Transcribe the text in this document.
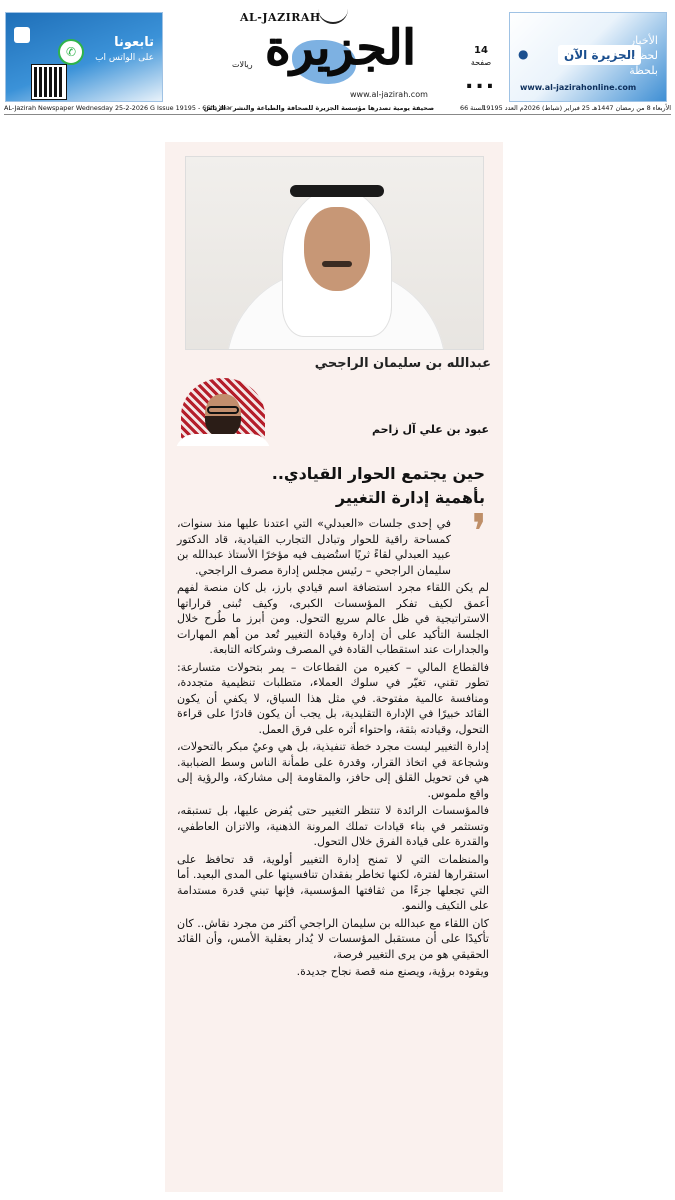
✆
تابعونا
على الواتس اب
AL-JAZIRAH
الجزيرة
www.al-jazirah.com
ريالات
14
صفحة
...
●	الجزيرة الآن
الأخبار
لحظة
بلحظة
www.al-jazirahonline.com
AL-Jazirah Newspaper Wednesday 25-2-2026 G Issue 19195 - 66th Year
صحيفة يومية تصدرها مؤسسة الجزيرة للصحافة والطباعة والنشر - الرياض	السنة 66
الأربعاء 8 من رمضان 1447هـ 25 فبراير (شباط) 2026م العدد 19195
عبدالله بن سليمان الراجحي
عبود بن علي آل زاحم
حين يجتمع الحوار القيادي..
بأهمية إدارة التغيير
❜

في إحدى جلسات «العبدلي» التي اعتدنا عليها منذ سنوات، كمساحة راقية للحوار وتبادل التجارب القيادية، قاد الدكتور عبيد العبدلي لقاءً ثريًا استُضيف فيه مؤخرًا الأستاذ عبدالله بن سليمان الراجحي – رئيس مجلس إدارة مصرف الراجحي.

لم يكن اللقاء مجرد استضافة اسم قيادي بارز، بل كان منصة لفهم أعمق لكيف تفكر المؤسسات الكبرى، وكيف تُبنى قراراتها الاستراتيجية في ظل عالم سريع التحول. ومن أبرز ما طُرح خلال الجلسة التأكيد على أن إدارة وقيادة التغيير تُعد من أهم المهارات والجدارات عند استقطاب القادة في المصرف وشركاته التابعة.

فالقطاع المالي – كغيره من القطاعات – يمر بتحولات متسارعة: تطور تقني، تغيّر في سلوك العملاء، متطلبات تنظيمية متجددة، ومنافسة عالمية مفتوحة. في مثل هذا السياق، لا يكفي أن يكون القائد خبيرًا في الإدارة التقليدية، بل يجب أن يكون قادرًا على قراءة التحول، وقيادته بثقة، واحتواء أثره على فرق العمل.

إدارة التغيير ليست مجرد خطة تنفيذية، بل هي وعيٌ مبكر بالتحولات، وشجاعة في اتخاذ القرار، وقدرة على طمأنة الناس وسط الضبابية. هي فن تحويل القلق إلى حافز، والمقاومة إلى مشاركة، والرؤية إلى واقع ملموس.

فالمؤسسات الرائدة لا تنتظر التغيير حتى يُفرض عليها، بل تستبقه، وتستثمر في بناء قيادات تملك المرونة الذهنية، والاتزان العاطفي، والقدرة على قيادة الفرق خلال التحول.

والمنظمات التي لا تمنح إدارة التغيير أولوية، قد تحافظ على استقرارها لفترة، لكنها تخاطر بفقدان تنافسيتها على المدى البعيد. أما التي تجعلها جزءًا من ثقافتها المؤسسية، فإنها تبني قدرة مستدامة على التكيف والنمو.

كان اللقاء مع عبدالله بن سليمان الراجحي أكثر من مجرد نقاش.. كان تأكيدًا على أن مستقبل المؤسسات لا يُدار بعقلية الأمس، وأن القائد الحقيقي هو من يرى التغيير فرصة،

ويقوده برؤية، ويصنع منه قصة نجاح جديدة.
